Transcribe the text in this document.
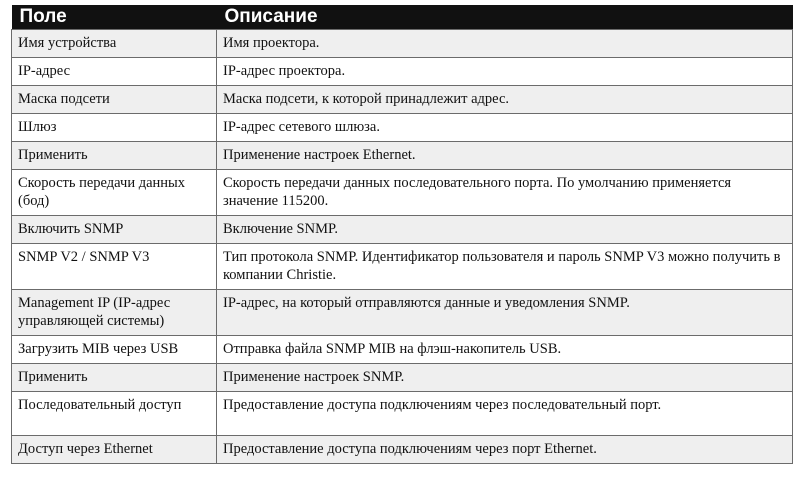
Поле	Описание
Имя устройства	Имя проектора.
IP-адрес	IP-адрес проектора.
Маска подсети	Маска подсети, к которой принадлежит адрес.
Шлюз	IP-адрес сетевого шлюза.
Применить	Применение настроек Ethernet.
Скорость передачи данных (бод)	Скорость передачи данных последовательного порта. По умолчанию применяется значение 115200.
Включить SNMP	Включение SNMP.
SNMP V2 / SNMP V3	Тип протокола SNMP. Идентификатор пользователя и пароль SNMP V3 можно получить в компании Christie.
Management IP (IP-адрес управляющей системы)	IP-адрес, на который отправляются данные и уведомления SNMP.
Загрузить MIB через USB	Отправка файла SNMP MIB на флэш-накопитель USB.
Применить	Применение настроек SNMP.
Последовательный доступ	Предоставление доступа подключениям через последовательный порт.
Доступ через Ethernet	Предоставление доступа подключениям через порт Ethernet.
